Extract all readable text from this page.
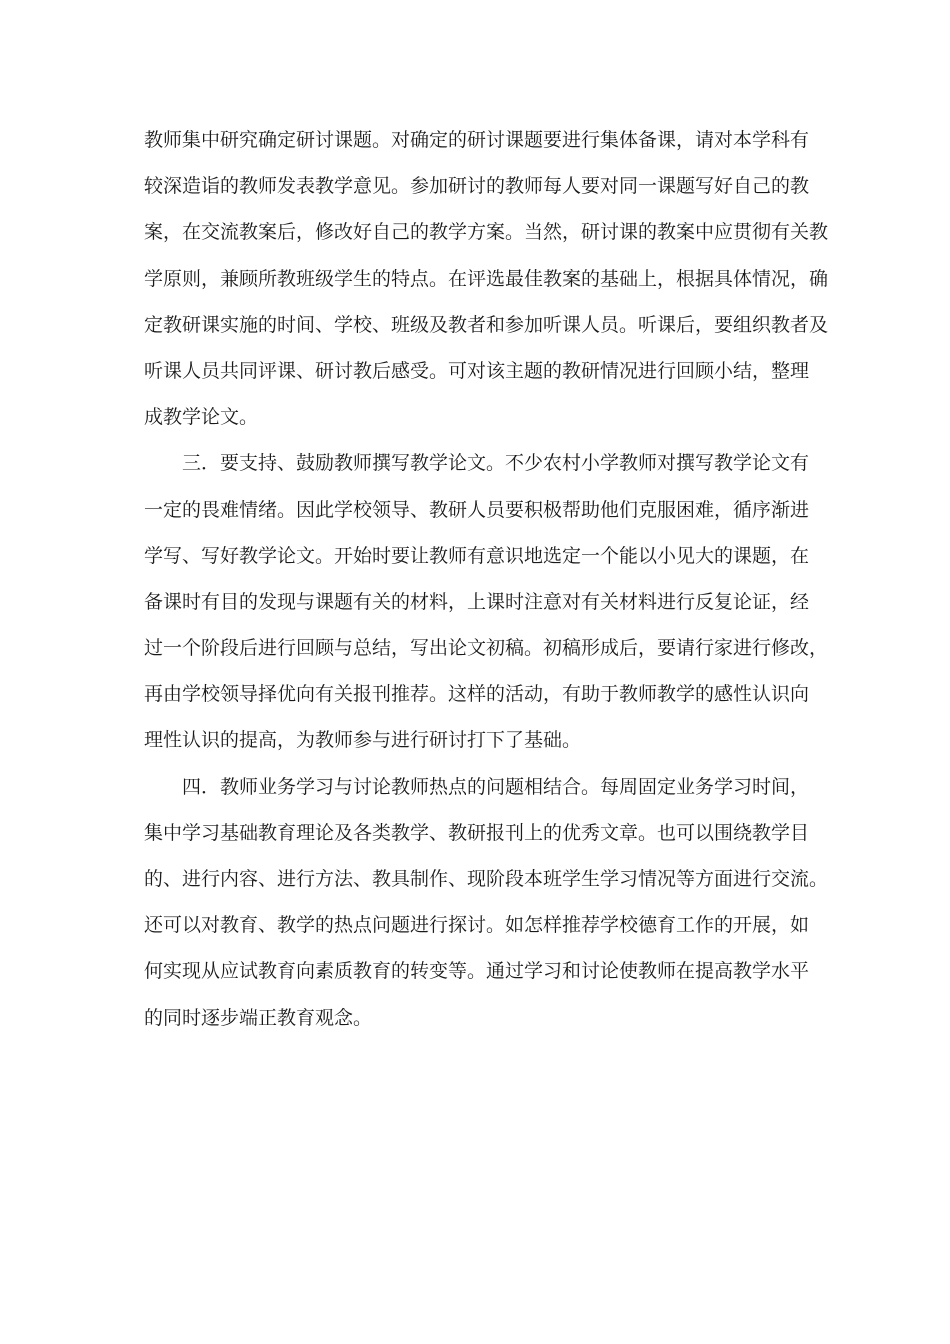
教师集中研究确定研讨课题。对确定的研讨课题要进行集体备课，请对本学科有
较深造诣的教师发表教学意见。参加研讨的教师每人要对同一课题写好自己的教
案，在交流教案后，修改好自己的教学方案。当然，研讨课的教案中应贯彻有关教
学原则，兼顾所教班级学生的特点。在评选最佳教案的基础上，根据具体情况，确
定教研课实施的时间、学校、班级及教者和参加听课人员。听课后，要组织教者及
听课人员共同评课、研讨教后感受。可对该主题的教研情况进行回顾小结，整理
成教学论文。
三．要支持、鼓励教师撰写教学论文。不少农村小学教师对撰写教学论文有
一定的畏难情绪。因此学校领导、教研人员要积极帮助他们克服困难，循序渐进
学写、写好教学论文。开始时要让教师有意识地选定一个能以小见大的课题，在
备课时有目的发现与课题有关的材料，上课时注意对有关材料进行反复论证，经
过一个阶段后进行回顾与总结，写出论文初稿。初稿形成后，要请行家进行修改，
再由学校领导择优向有关报刊推荐。这样的活动，有助于教师教学的感性认识向
理性认识的提高，为教师参与进行研讨打下了基础。
四．教师业务学习与讨论教师热点的问题相结合。每周固定业务学习时间，
集中学习基础教育理论及各类教学、教研报刊上的优秀文章。也可以围绕教学目
的、进行内容、进行方法、教具制作、现阶段本班学生学习情况等方面进行交流。
还可以对教育、教学的热点问题进行探讨。如怎样推荐学校德育工作的开展，如
何实现从应试教育向素质教育的转变等。通过学习和讨论使教师在提高教学水平
的同时逐步端正教育观念。
